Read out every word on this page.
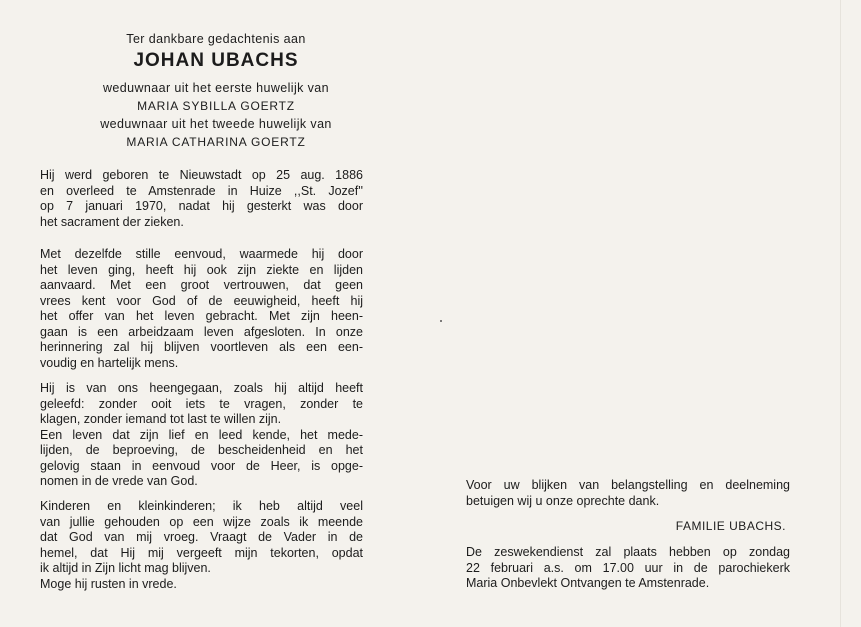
Ter dankbare gedachtenis aan
JOHAN UBACHS
weduwnaar uit het eerste huwelijk van
MARIA SYBILLA GOERTZ
weduwnaar uit het tweede huwelijk van
MARIA CATHARINA GOERTZ
Hij werd geboren te Nieuwstadt op 25 aug. 1886
en overleed te Amstenrade in Huize ,,St. Jozef''
op 7 januari 1970, nadat hij gesterkt was door
het sacrament der zieken.
Met dezelfde stille eenvoud, waarmede hij door
het leven ging, heeft hij ook zijn ziekte en lijden
aanvaard. Met een groot vertrouwen, dat geen
vrees kent voor God of de eeuwigheid, heeft hij
het offer van het leven gebracht. Met zijn heen-
gaan is een arbeidzaam leven afgesloten. In onze
herinnering zal hij blijven voortleven als een een-
voudig en hartelijk mens.
Hij is van ons heengegaan, zoals hij altijd heeft
geleefd: zonder ooit iets te vragen, zonder te
klagen, zonder iemand tot last te willen zijn.
Een leven dat zijn lief en leed kende, het mede-
lijden, de beproeving, de bescheidenheid en het
gelovig staan in eenvoud voor de Heer, is opge-
nomen in de vrede van God.
Kinderen en kleinkinderen; ik heb altijd veel
van jullie gehouden op een wijze zoals ik meende
dat God van mij vroeg. Vraagt de Vader in de
hemel, dat Hij mij vergeeft mijn tekorten, opdat
ik altijd in Zijn licht mag blijven.
Moge hij rusten in vrede.
Voor uw blijken van belangstelling en deelneming
betuigen wij u onze oprechte dank.
FAMILIE UBACHS.
De zeswekendienst zal plaats hebben op zondag
22 februari a.s. om 17.00 uur in de parochiekerk
Maria Onbevlekt Ontvangen te Amstenrade.
